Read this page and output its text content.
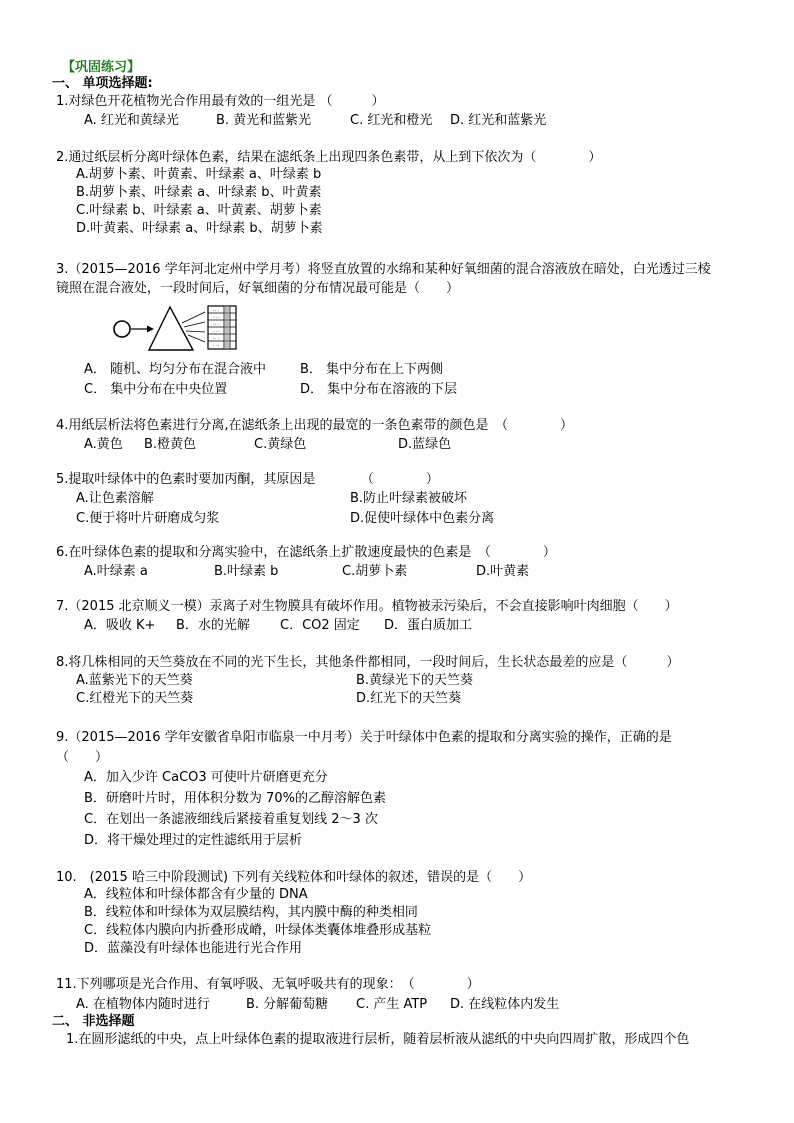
【巩固练习】
一、 单项选择题:
1.对绿色开花植物光合作用最有效的一组光是 （　　　）
A. 红光和黄绿光	B. 黄光和蓝紫光	C. 红光和橙光 D. 红光和蓝紫光
2.通过纸层析分离叶绿体色素，结果在滤纸条上出现四条色素带，从上到下依次为（　　　　）
A.胡萝卜素、叶黄素、叶绿素 a、叶绿素 b
B.胡萝卜素、叶绿素 a、叶绿素 b、叶黄素
C.叶绿素 b、叶绿素 a、叶黄素、胡萝卜素
D.叶黄素、叶绿素 a、叶绿素 b、胡萝卜素
3.（2015—2016 学年河北定州中学月考）将竖直放置的水绵和某种好氧细菌的混合溶液放在暗处，白光透过三棱
镜照在混合液处，一段时间后，好氧细菌的分布情况最可能是（　　）
·· ·
· ··
·· ·
· ··
·· ·
· ··
A． 随机、均匀分布在混合液中	B． 集中分布在上下两侧
C． 集中分布在中央位置	D． 集中分布在溶液的下层
4.用纸层析法将色素进行分离,在滤纸条上出现的最宽的一条色素带的颜色是　（　　　　）
A.黄色 B.橙黄色	C.黄绿色	D.蓝绿色
5.提取叶绿体中的色素时要加丙酮，其原因是　　　　（　　　　）
A.让色素溶解	B.防止叶绿素被破坏
C.便于将叶片研磨成匀浆	D.促使叶绿体中色素分离
6.在叶绿体色素的提取和分离实验中，在滤纸条上扩散速度最快的色素是　（　　　　）
A.叶绿素 a	B.叶绿素 b	C.胡萝卜素	D.叶黄素
7.（2015 北京顺义一模）汞离子对生物膜具有破坏作用。植物被汞污染后，不会直接影响叶肉细胞（　　）
A．吸收 K+ B．水的光解 C．CO2 固定 D．蛋白质加工
8.将几株相同的天竺葵放在不同的光下生长，其他条件都相同，一段时间后，生长状态最差的应是（　　　）
A.蓝紫光下的天竺葵	B.黄绿光下的天竺葵
C.红橙光下的天竺葵	D.红光下的天竺葵
9.（2015—2016 学年安徽省阜阳市临泉一中月考）关于叶绿体中色素的提取和分离实验的操作，正确的是
（　　）
A．加入少许 CaCO3 可使叶片研磨更充分
B．研磨叶片时，用体积分数为 70%的乙醇溶解色素
C．在划出一条滤液细线后紧接着重复划线 2～3 次
D．将干燥处理过的定性滤纸用于层析
10.　(2015 哈三中阶段测试) 下列有关线粒体和叶绿体的叙述，错误的是（　　）
A．线粒体和叶绿体都含有少量的 DNA
B．线粒体和叶绿体为双层膜结构，其内膜中酶的种类相同
C．线粒体内膜向内折叠形成嵴，叶绿体类囊体堆叠形成基粒
D．蓝藻没有叶绿体也能进行光合作用
11.下列哪项是光合作用、有氧呼吸、无氧呼吸共有的现象：　（　　　　）
A. 在植物体内随时进行	B. 分解葡萄糖 C. 产生 ATP D. 在线粒体内发生
二、 非选择题
1.在圆形滤纸的中央，点上叶绿体色素的提取液进行层析，随着层析液从滤纸的中央向四周扩散，形成四个色
